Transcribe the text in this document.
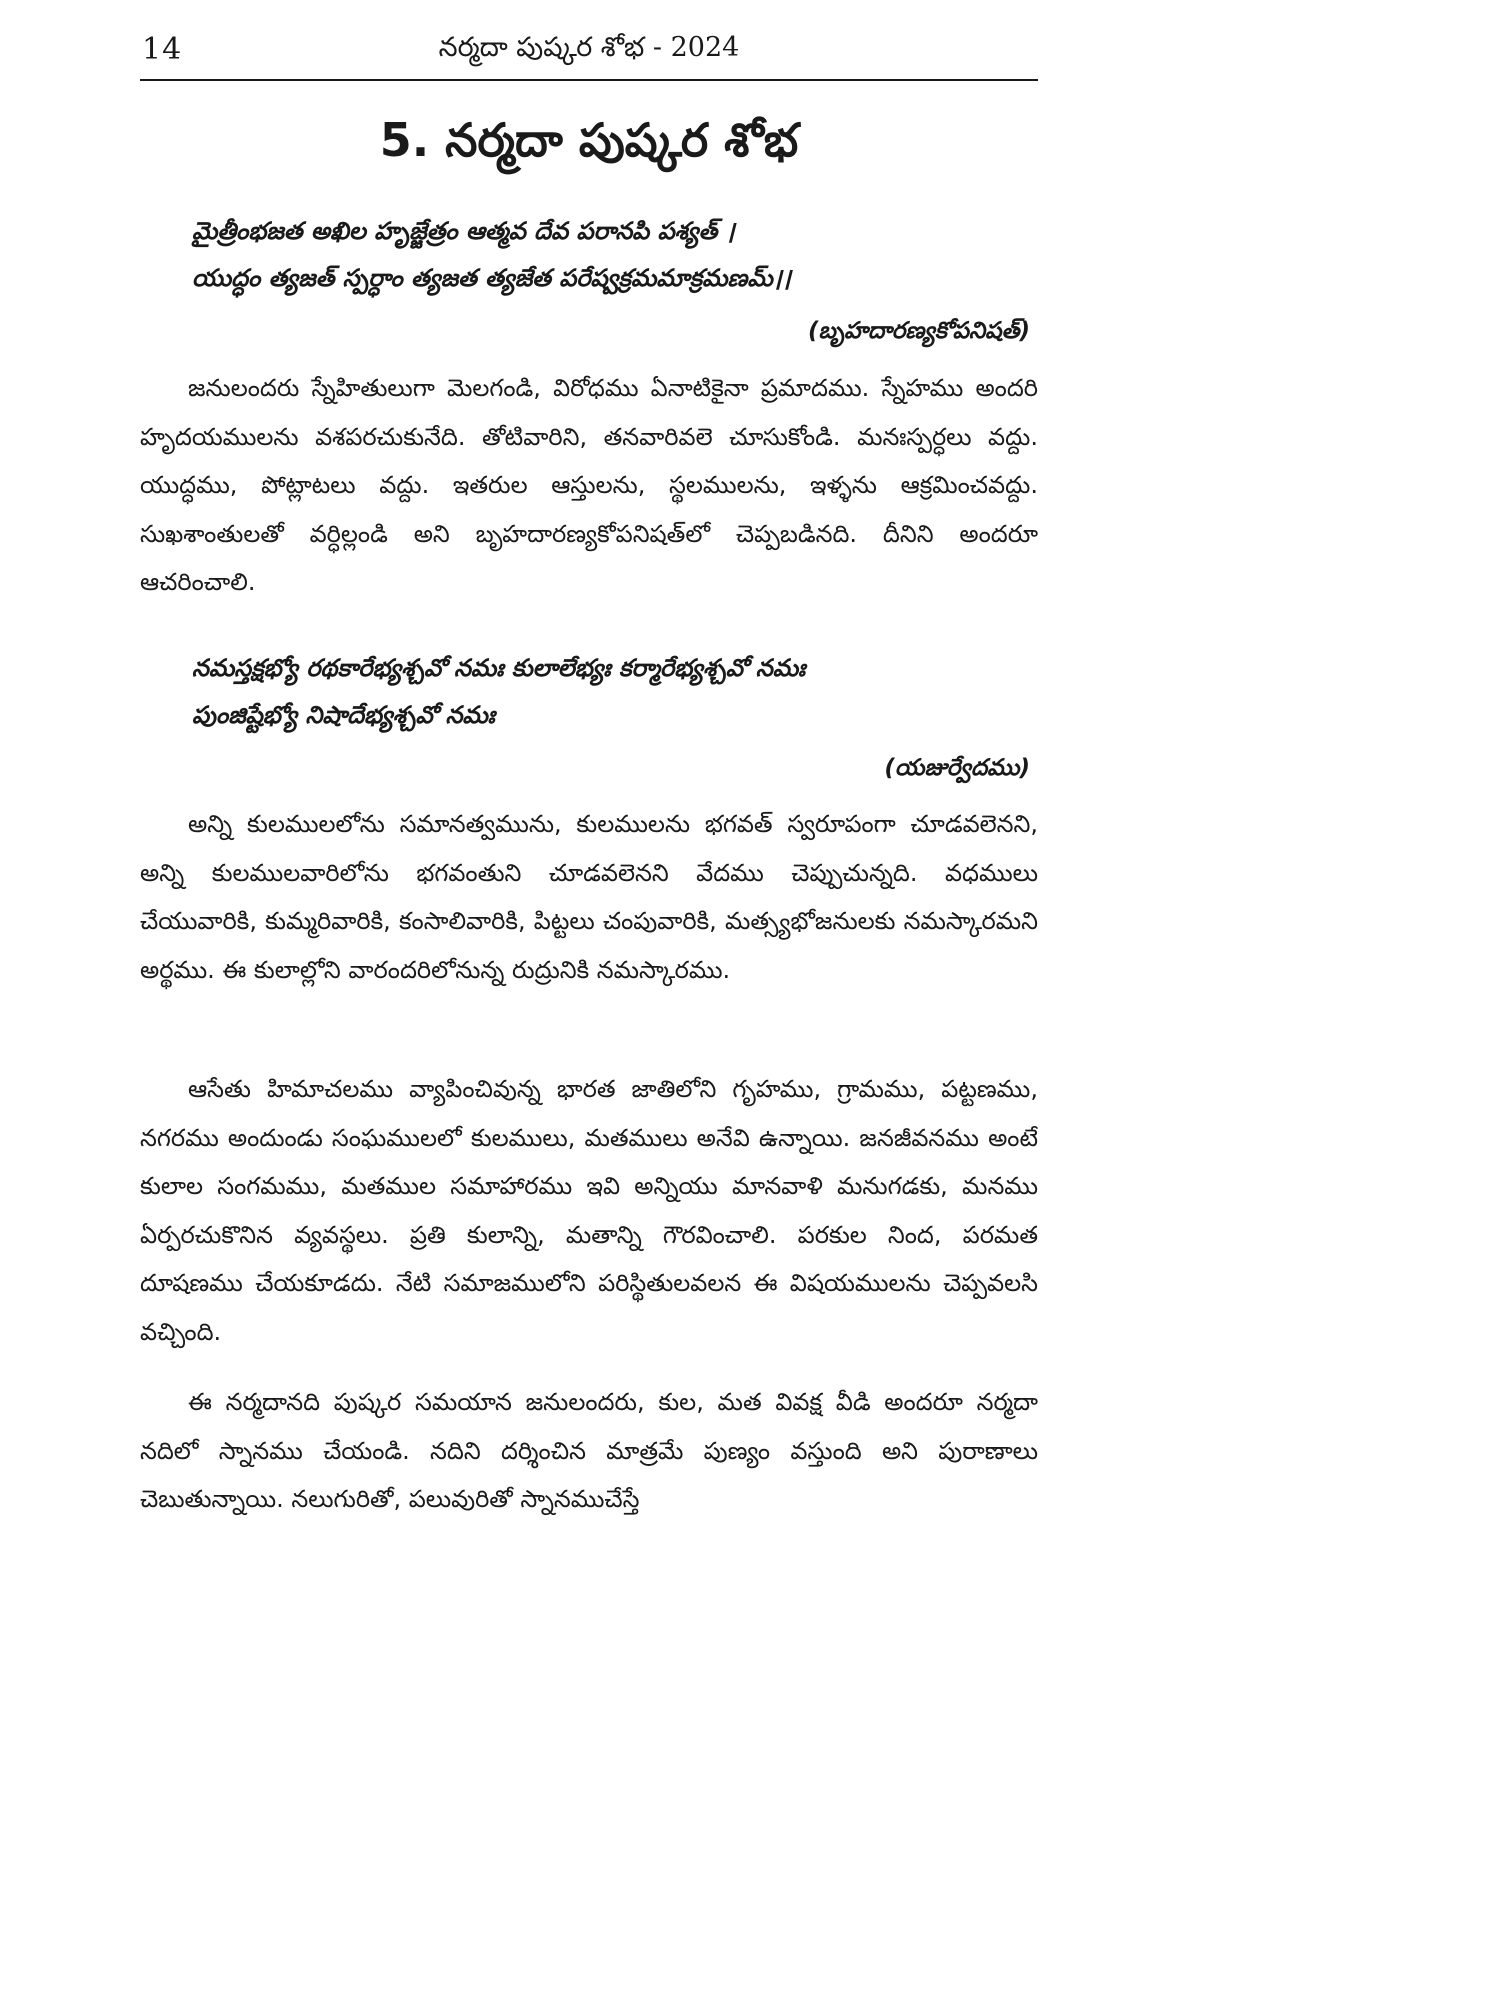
14	నర్మదా పుష్కర శోభ - 2024
5. నర్మదా పుష్కర శోభ
మైత్రీంభజత అఖిల హృజ్జేత్రం ఆత్మవ దేవ పరానపి పశ్యత్ ।
యుద్ధం త్యజత్ స్పర్ధాం త్యజత త్యజేత పరేష్వక్రమమాక్రమణమ్।।
(బృహదారణ్యకోపనిషత్)

జనులందరు స్నేహితులుగా మెలగండి, విరోధము ఏనాటికైనా ప్రమాదము. స్నేహము అందరి హృదయములను వశపరచుకునేది. తోటివారిని, తనవారివలె చూసుకోండి. మనఃస్పర్ధలు వద్దు. యుద్ధము, పోట్లాటలు వద్దు. ఇతరుల ఆస్తులను, స్థలములను, ఇళ్ళను ఆక్రమించవద్దు. సుఖశాంతులతో వర్ధిల్లండి అని బృహదారణ్యకోపనిషత్‌లో చెప్పబడినది. దీనిని అందరూ ఆచరించాలి.

నమస్తక్షభ్యో రథకారేభ్యశ్చవో నమః కులాలేభ్యః కర్మారేభ్యశ్చవో నమః
పుంజిష్టేభ్యో నిషాదేభ్యశ్చవో నమః
(యజుర్వేదము)

అన్ని కులములలోను సమానత్వమును, కులములను భగవత్ స్వరూపంగా చూడవలెనని, అన్ని కులములవారిలోను భగవంతుని చూడవలెనని వేదము చెప్పుచున్నది. వధములు చేయువారికి, కుమ్మరివారికి, కంసాలివారికి, పిట్టలు చంపువారికి, మత్స్యభోజనులకు నమస్కారమని అర్థము. ఈ కులాల్లోని వారందరిలోనున్న రుద్రునికి నమస్కారము.

ఆసేతు హిమాచలము వ్యాపించివున్న భారత జాతిలోని గృహము, గ్రామము, పట్టణము, నగరము అందుండు సంఘములలో కులములు, మతములు అనేవి ఉన్నాయి. జనజీవనము అంటే కులాల సంగమము, మతముల సమాహారము ఇవి అన్నియు మానవాళి మనుగడకు, మనము ఏర్పరచుకొనిన వ్యవస్థలు. ప్రతి కులాన్ని, మతాన్ని గౌరవించాలి. పరకుల నింద, పరమత దూషణము చేయకూడదు. నేటి సమాజములోని పరిస్థితులవలన ఈ విషయములను చెప్పవలసి వచ్చింది.

ఈ నర్మదానది పుష్కర సమయాన జనులందరు, కుల, మత వివక్ష వీడి అందరూ నర్మదా నదిలో స్నానము చేయండి. నదిని దర్శించిన మాత్రమే పుణ్యం వస్తుంది అని పురాణాలు చెబుతున్నాయి. నలుగురితో, పలువురితో స్నానముచేస్తే
